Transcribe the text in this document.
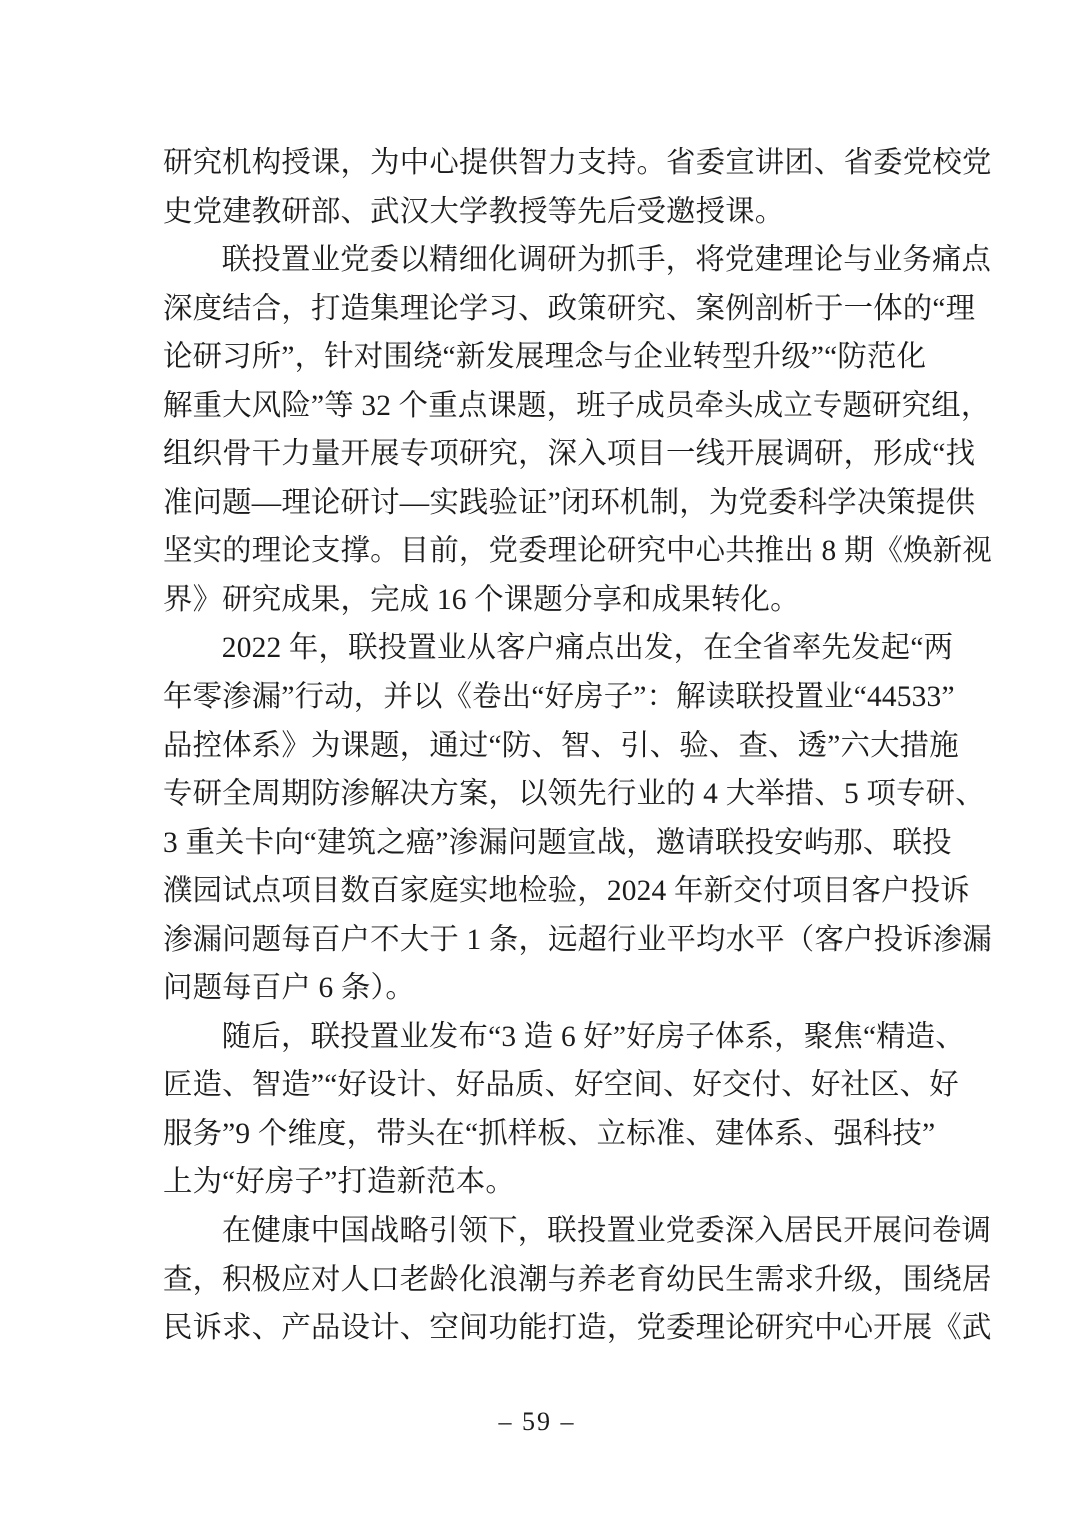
研究机构授课，为中心提供智力支持。省委宣讲团、省委党校党
史党建教研部、武汉大学教授等先后受邀授课。
联投置业党委以精细化调研为抓手，将党建理论与业务痛点
深度结合，打造集理论学习、政策研究、案例剖析于一体的“理
论研习所”，针对围绕“新发展理念与企业转型升级”“防范化
解重大风险”等 32 个重点课题，班子成员牵头成立专题研究组，
组织骨干力量开展专项研究，深入项目一线开展调研，形成“找
准问题—理论研讨—实践验证”闭环机制，为党委科学决策提供
坚实的理论支撑。目前，党委理论研究中心共推出 8 期《焕新视
界》研究成果，完成 16 个课题分享和成果转化。
2022 年，联投置业从客户痛点出发，在全省率先发起“两
年零渗漏”行动，并以《卷出“好房子”：解读联投置业“44533”
品控体系》为课题，通过“防、智、引、验、查、透”六大措施
专研全周期防渗解决方案，以领先行业的 4 大举措、5 项专研、
3 重关卡向“建筑之癌”渗漏问题宣战，邀请联投安屿那、联投
濮园试点项目数百家庭实地检验，2024 年新交付项目客户投诉
渗漏问题每百户不大于 1 条，远超行业平均水平（客户投诉渗漏
问题每百户 6 条）。
随后，联投置业发布“3 造 6 好”好房子体系，聚焦“精造、
匠造、智造”“好设计、好品质、好空间、好交付、好社区、好
服务”9 个维度，带头在“抓样板、立标准、建体系、强科技”
上为“好房子”打造新范本。
在健康中国战略引领下，联投置业党委深入居民开展问卷调
查，积极应对人口老龄化浪潮与养老育幼民生需求升级，围绕居
民诉求、产品设计、空间功能打造，党委理论研究中心开展《武
– 59 –
